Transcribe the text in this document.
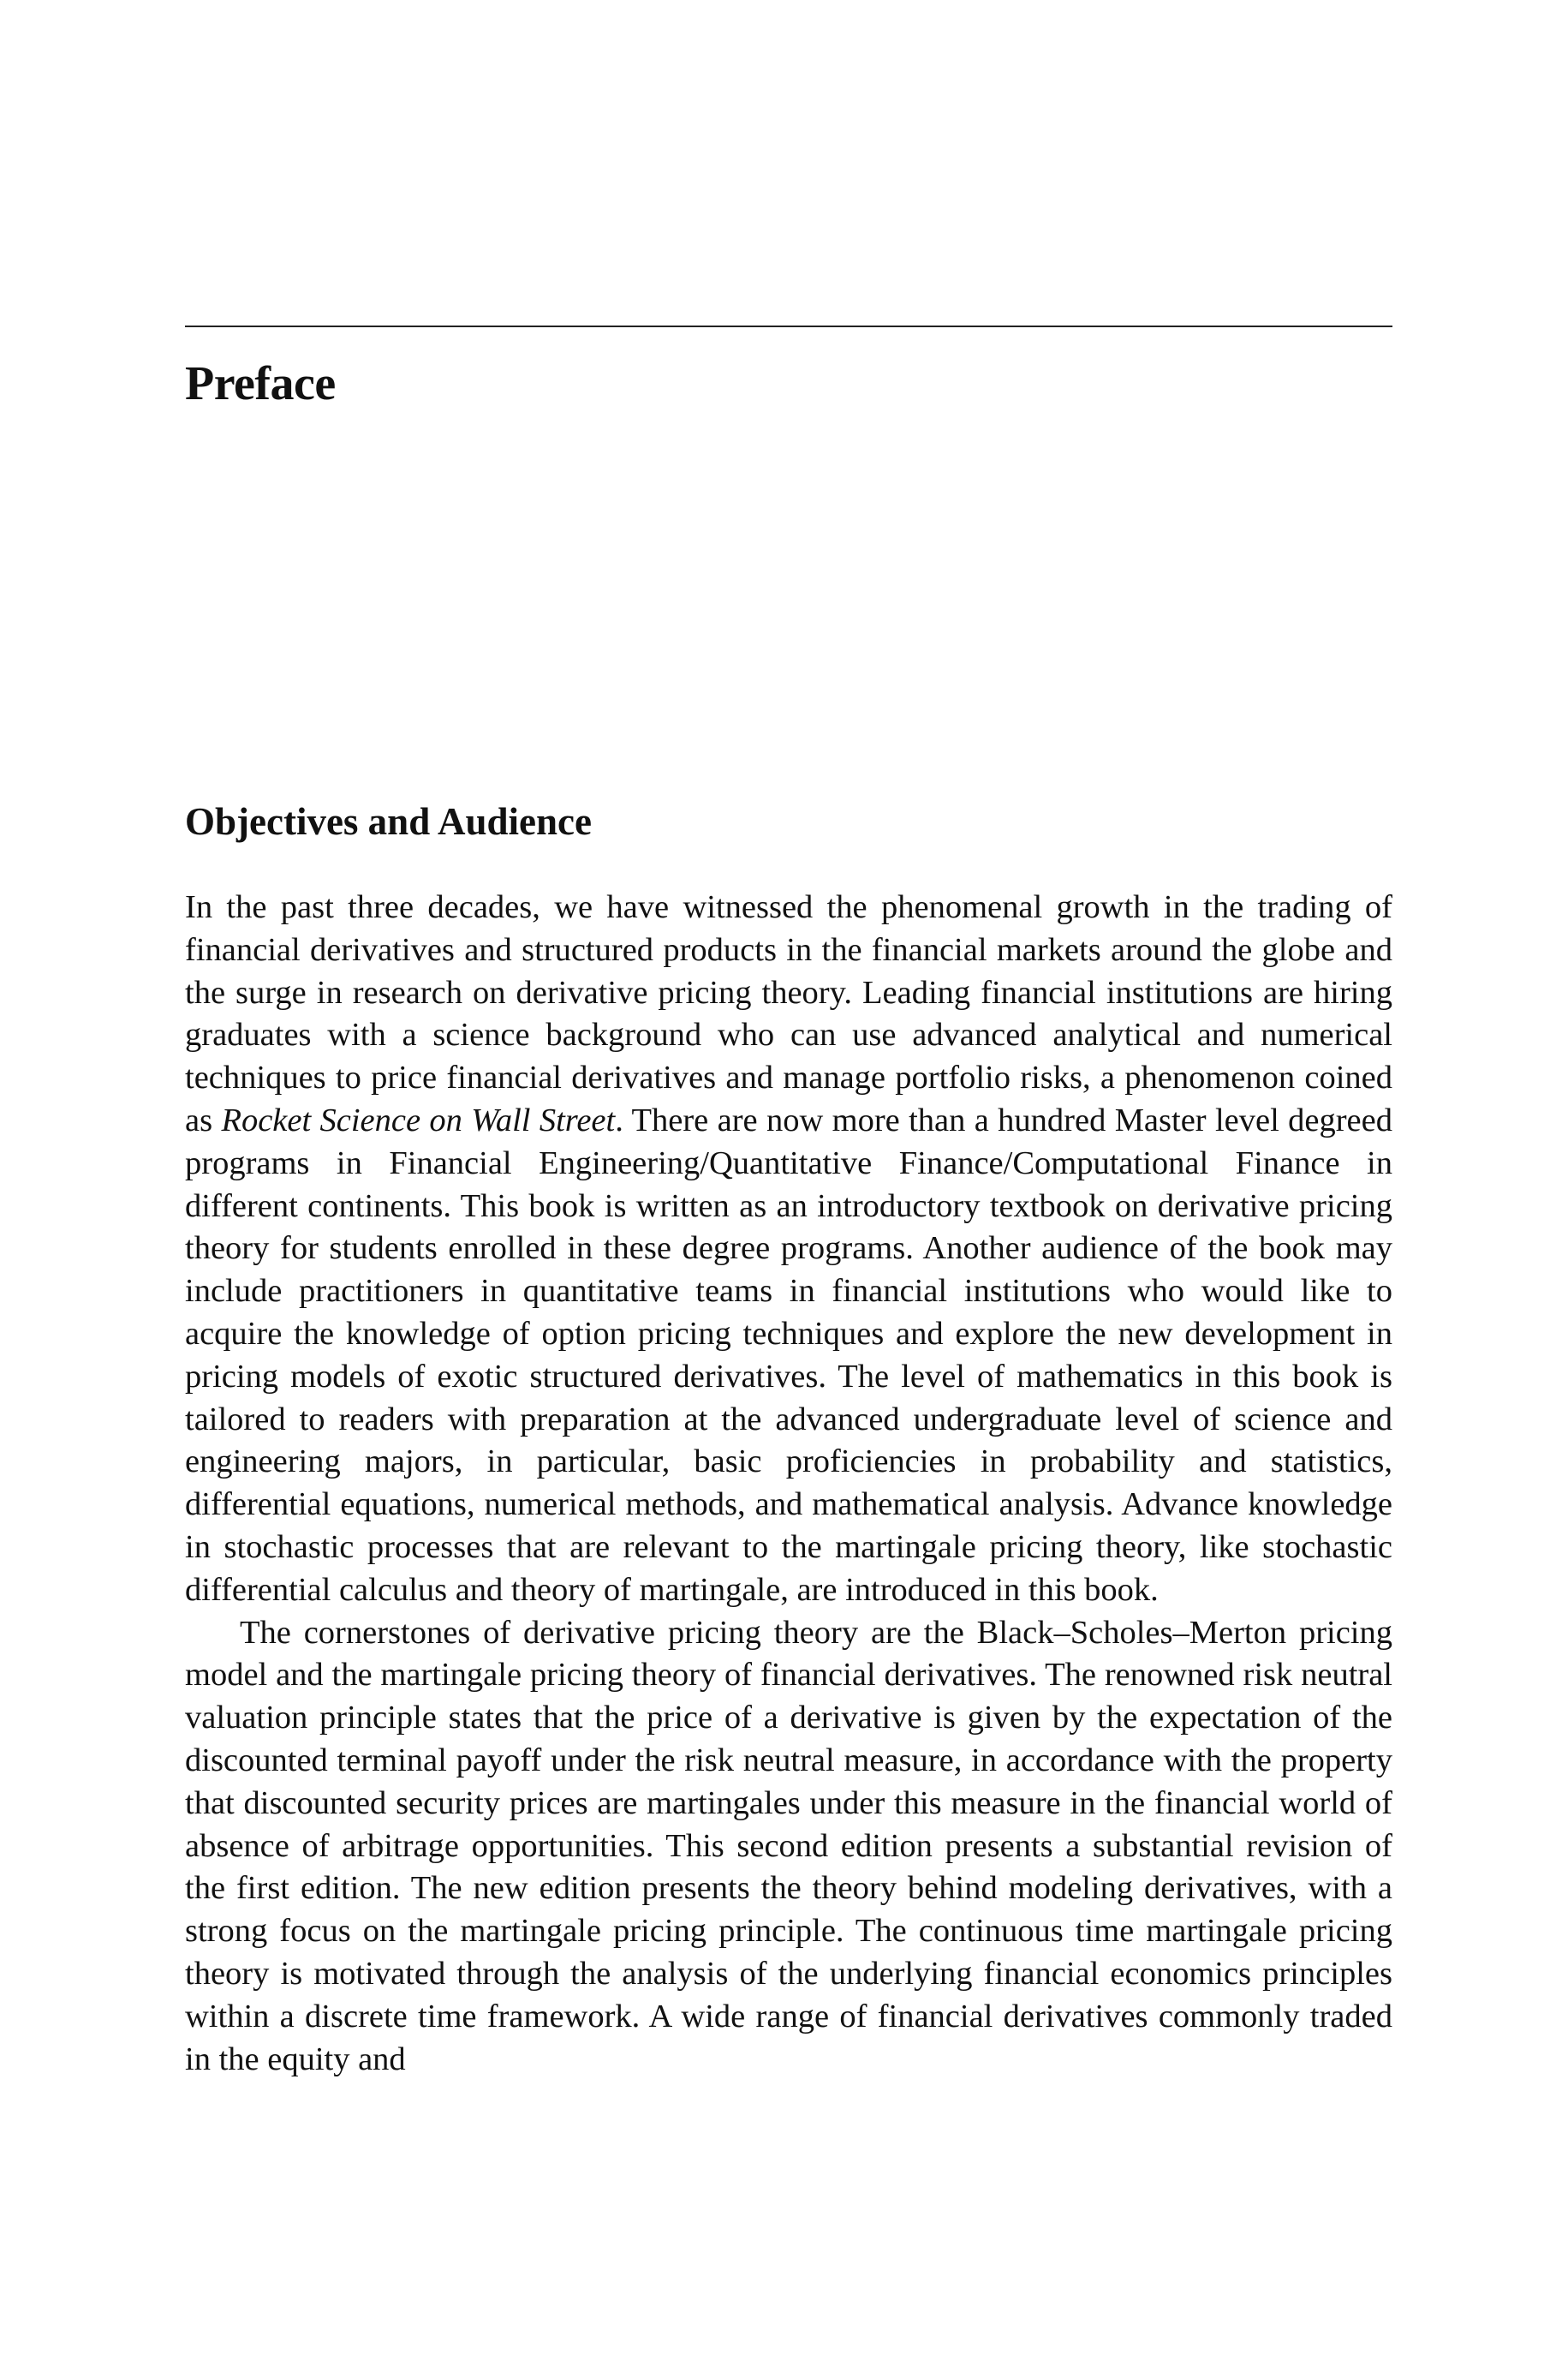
Preface
Objectives and Audience

In the past three decades, we have witnessed the phenomenal growth in the trading of financial derivatives and structured products in the financial markets around the globe and the surge in research on derivative pricing theory. Leading financial institutions are hiring graduates with a science background who can use advanced analytical and numerical techniques to price financial derivatives and manage portfolio risks, a phenomenon coined as Rocket Science on Wall Street. There are now more than a hundred Master level degreed programs in Financial Engineering/Quantitative Finance/Computational Finance in different continents. This book is written as an introductory textbook on derivative pricing theory for students enrolled in these degree programs. Another audience of the book may include practitioners in quantitative teams in financial institutions who would like to acquire the knowledge of option pricing techniques and explore the new development in pricing models of exotic structured derivatives. The level of mathematics in this book is tailored to readers with preparation at the advanced undergraduate level of science and engineering majors, in particular, basic proficiencies in probability and statistics, differential equations, numerical methods, and mathematical analysis. Advance knowledge in stochastic processes that are relevant to the martingale pricing theory, like stochastic differential calculus and theory of martingale, are introduced in this book.

The cornerstones of derivative pricing theory are the Black–Scholes–Merton pricing model and the martingale pricing theory of financial derivatives. The renowned risk neutral valuation principle states that the price of a derivative is given by the expectation of the discounted terminal payoff under the risk neutral measure, in accordance with the property that discounted security prices are martingales under this measure in the financial world of absence of arbitrage opportunities. This second edition presents a substantial revision of the first edition. The new edition presents the theory behind modeling derivatives, with a strong focus on the martingale pricing principle. The continuous time martingale pricing theory is motivated through the analysis of the underlying financial economics principles within a discrete time framework. A wide range of financial derivatives commonly traded in the equity and
